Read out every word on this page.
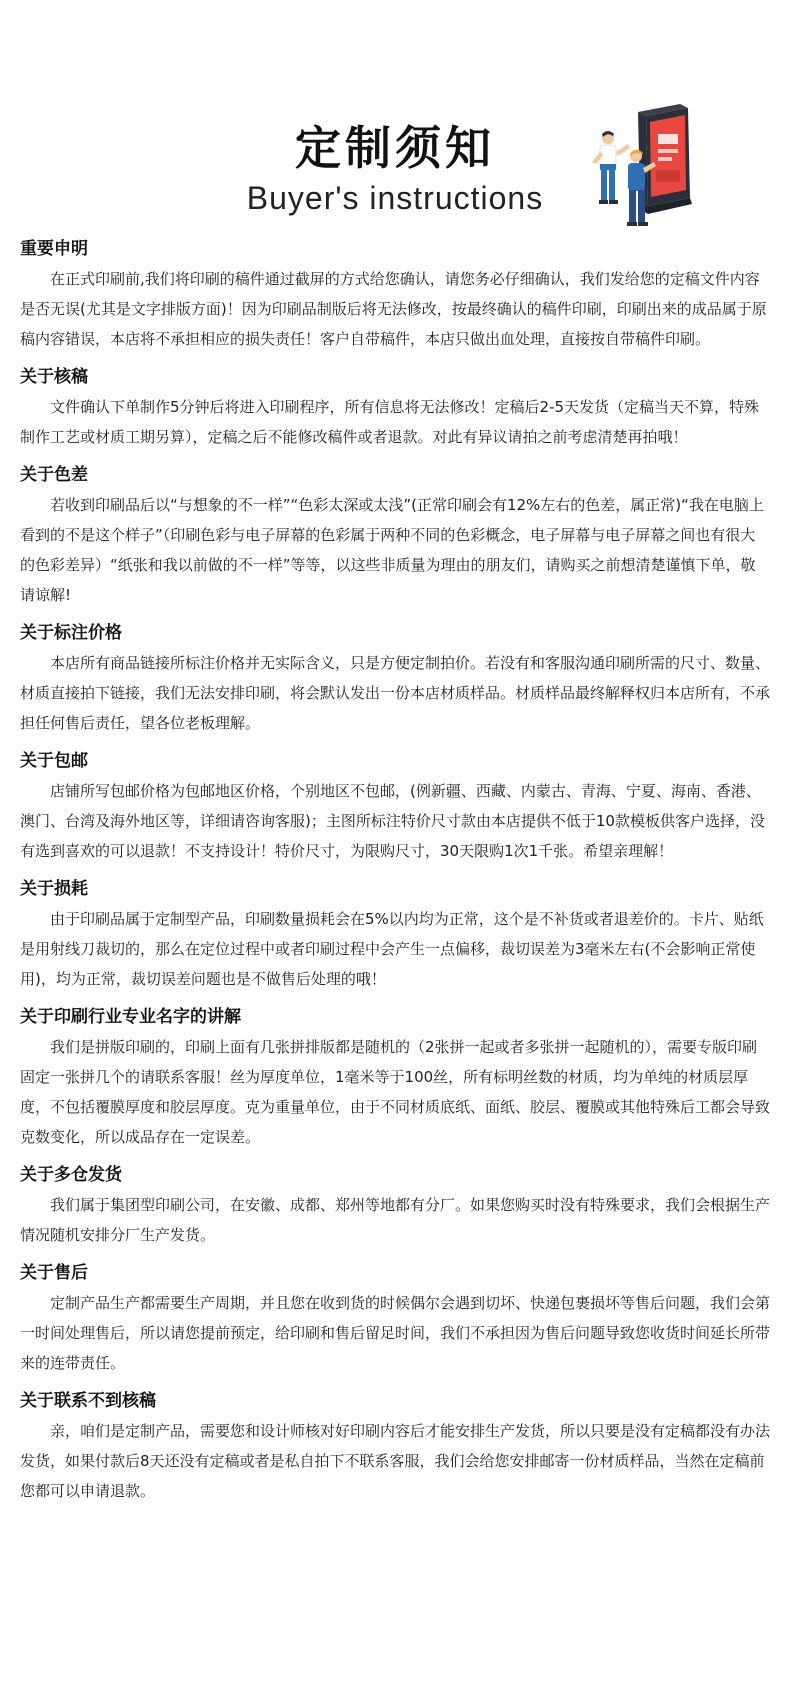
定制须知
Buyer's instructions
重要申明

在正式印刷前,我们将印刷的稿件通过截屏的方式给您确认，请您务必仔细确认，我们发给您的定稿文件内容是否无误(尤其是文字排版方面)！因为印刷品制版后将无法修改，按最终确认的稿件印刷，印刷出来的成品属于原稿内容错误，本店将不承担相应的损失责任！客户自带稿件，本店只做出血处理，直接按自带稿件印刷。

关于核稿

文件确认下单制作5分钟后将进入印刷程序，所有信息将无法修改！定稿后2-5天发货（定稿当天不算，特殊制作工艺或材质工期另算），定稿之后不能修改稿件或者退款。对此有异议请拍之前考虑清楚再拍哦！

关于色差

若收到印刷品后以“与想象的不一样”“色彩太深或太浅”(正常印刷会有12%左右的色差，属正常)“我在电脑上看到的不是这个样子”（印刷色彩与电子屏幕的色彩属于两种不同的色彩概念，电子屏幕与电子屏幕之间也有很大的色彩差异）“纸张和我以前做的不一样”等等，以这些非质量为理由的朋友们，请购买之前想清楚谨慎下单，敬请谅解!

关于标注价格

本店所有商品链接所标注价格并无实际含义，只是方便定制拍价。若没有和客服沟通印刷所需的尺寸、数量、材质直接拍下链接，我们无法安排印刷，将会默认发出一份本店材质样品。材质样品最终解释权归本店所有，不承担任何售后责任，望各位老板理解。

关于包邮

店铺所写包邮价格为包邮地区价格，个别地区不包邮，(例新疆、西藏、内蒙古、青海、宁夏、海南、香港、澳门、台湾及海外地区等，详细请咨询客服)；主图所标注特价尺寸款由本店提供不低于10款模板供客户选择，没有选到喜欢的可以退款！不支持设计！特价尺寸，为限购尺寸，30天限购1次1千张。希望亲理解！

关于损耗

由于印刷品属于定制型产品，印刷数量损耗会在5%以内均为正常，这个是不补货或者退差价的。卡片、贴纸是用射线刀裁切的，那么在定位过程中或者印刷过程中会产生一点偏移，裁切误差为3毫米左右(不会影响正常使用)，均为正常，裁切误差问题也是不做售后处理的哦！

关于印刷行业专业名字的讲解

我们是拼版印刷的，印刷上面有几张拼排版都是随机的（2张拼一起或者多张拼一起随机的），需要专版印刷固定一张拼几个的请联系客服！丝为厚度单位，1毫米等于100丝，所有标明丝数的材质，均为单纯的材质层厚度，不包括覆膜厚度和胶层厚度。克为重量单位，由于不同材质底纸、面纸、胶层、覆膜或其他特殊后工都会导致克数变化，所以成品存在一定误差。

关于多仓发货

我们属于集团型印刷公司，在安徽、成都、郑州等地都有分厂。如果您购买时没有特殊要求，我们会根据生产情况随机安排分厂生产发货。

关于售后

定制产品生产都需要生产周期，并且您在收到货的时候偶尔会遇到切坏、快递包裹损坏等售后问题，我们会第一时间处理售后，所以请您提前预定，给印刷和售后留足时间，我们不承担因为售后问题导致您收货时间延长所带来的连带责任。

关于联系不到核稿

亲，咱们是定制产品，需要您和设计师核对好印刷内容后才能安排生产发货，所以只要是没有定稿都没有办法发货，如果付款后8天还没有定稿或者是私自拍下不联系客服，我们会给您安排邮寄一份材质样品，当然在定稿前您都可以申请退款。
